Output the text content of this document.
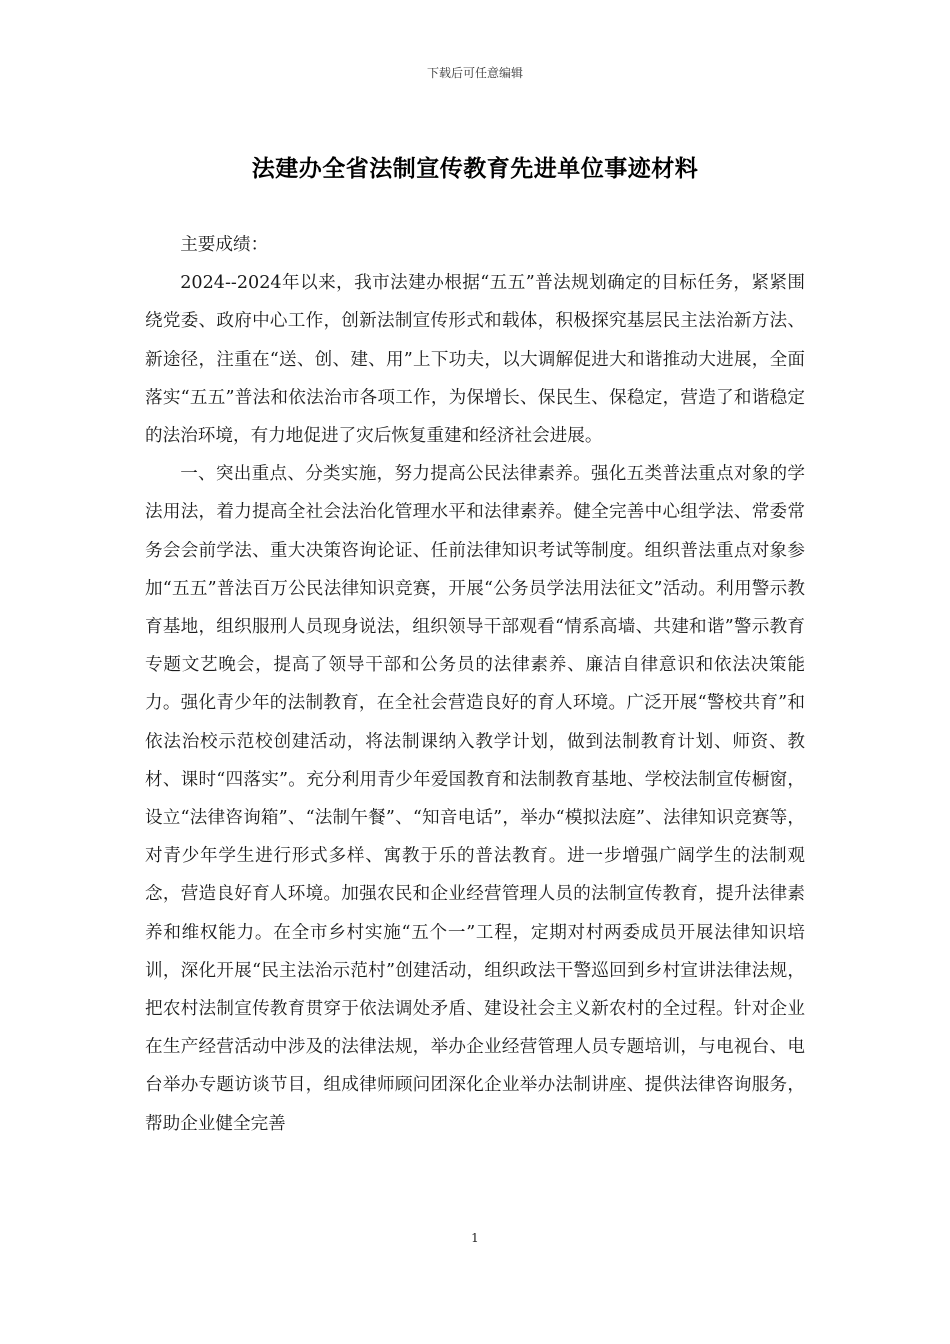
下载后可任意编辑
法建办全省法制宣传教育先进单位事迹材料

主要成绩：

2024--2024年以来，我市法建办根据“五五”普法规划确定的目标任务，紧紧围绕党委、政府中心工作，创新法制宣传形式和载体，积极探究基层民主法治新方法、新途径，注重在“送、创、建、用”上下功夫，以大调解促进大和谐推动大进展，全面落实“五五”普法和依法治市各项工作，为保增长、保民生、保稳定，营造了和谐稳定的法治环境，有力地促进了灾后恢复重建和经济社会进展。

一、突出重点、分类实施，努力提高公民法律素养。强化五类普法重点对象的学法用法，着力提高全社会法治化管理水平和法律素养。健全完善中心组学法、常委常务会会前学法、重大决策咨询论证、任前法律知识考试等制度。组织普法重点对象参加“五五”普法百万公民法律知识竞赛，开展“公务员学法用法征文”活动。利用警示教育基地，组织服刑人员现身说法，组织领导干部观看“情系高墙、共建和谐”警示教育专题文艺晚会，提高了领导干部和公务员的法律素养、廉洁自律意识和依法决策能力。强化青少年的法制教育，在全社会营造良好的育人环境。广泛开展“警校共育”和依法治校示范校创建活动，将法制课纳入教学计划，做到法制教育计划、师资、教材、课时“四落实”。充分利用青少年爱国教育和法制教育基地、学校法制宣传橱窗，设立“法律咨询箱”、“法制午餐”、“知音电话”，举办“模拟法庭”、法律知识竞赛等，对青少年学生进行形式多样、寓教于乐的普法教育。进一步增强广阔学生的法制观念，营造良好育人环境。加强农民和企业经营管理人员的法制宣传教育，提升法律素养和维权能力。在全市乡村实施“五个一”工程，定期对村两委成员开展法律知识培训，深化开展“民主法治示范村”创建活动，组织政法干警巡回到乡村宣讲法律法规，把农村法制宣传教育贯穿于依法调处矛盾、建设社会主义新农村的全过程。针对企业在生产经营活动中涉及的法律法规，举办企业经营管理人员专题培训，与电视台、电台举办专题访谈节目，组成律师顾问团深化企业举办法制讲座、提供法律咨询服务，帮助企业健全完善

1
